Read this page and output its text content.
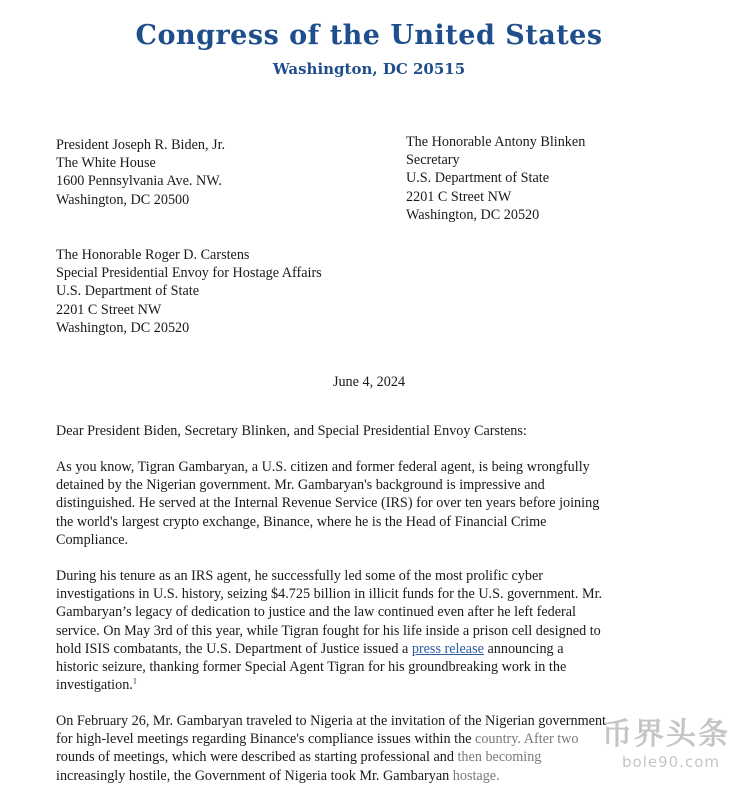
Congress of the United States
Washington, DC 20515
President Joseph R. Biden, Jr.
The White House
1600 Pennsylvania Ave. NW.
Washington, DC 20500
The Honorable Antony Blinken
Secretary
U.S. Department of State
2201 C Street NW
Washington, DC 20520
The Honorable Roger D. Carstens
Special Presidential Envoy for Hostage Affairs
U.S. Department of State
2201 C Street NW
Washington, DC 20520
June 4, 2024
Dear President Biden, Secretary Blinken, and Special Presidential Envoy Carstens:
As you know, Tigran Gambaryan, a U.S. citizen and former federal agent, is being wrongfully
detained by the Nigerian government. Mr. Gambaryan's background is impressive and
distinguished. He served at the Internal Revenue Service (IRS) for over ten years before joining
the world's largest crypto exchange, Binance, where he is the Head of Financial Crime
Compliance.
During his tenure as an IRS agent, he successfully led some of the most prolific cyber
investigations in U.S. history, seizing $4.725 billion in illicit funds for the U.S. government. Mr.
Gambaryan’s legacy of dedication to justice and the law continued even after he left federal
service. On May 3rd of this year, while Tigran fought for his life inside a prison cell designed to
hold ISIS combatants, the U.S. Department of Justice issued a press release announcing a
historic seizure, thanking former Special Agent Tigran for his groundbreaking work in the
investigation.$^1$
On February 26, Mr. Gambaryan traveled to Nigeria at the invitation of the Nigerian government
for high-level meetings regarding Binance's compliance issues within the country. After two
rounds of meetings, which were described as starting professional and then becoming
increasingly hostile, the Government of Nigeria took Mr. Gambaryan hostage.
币界头条
bole90.com
